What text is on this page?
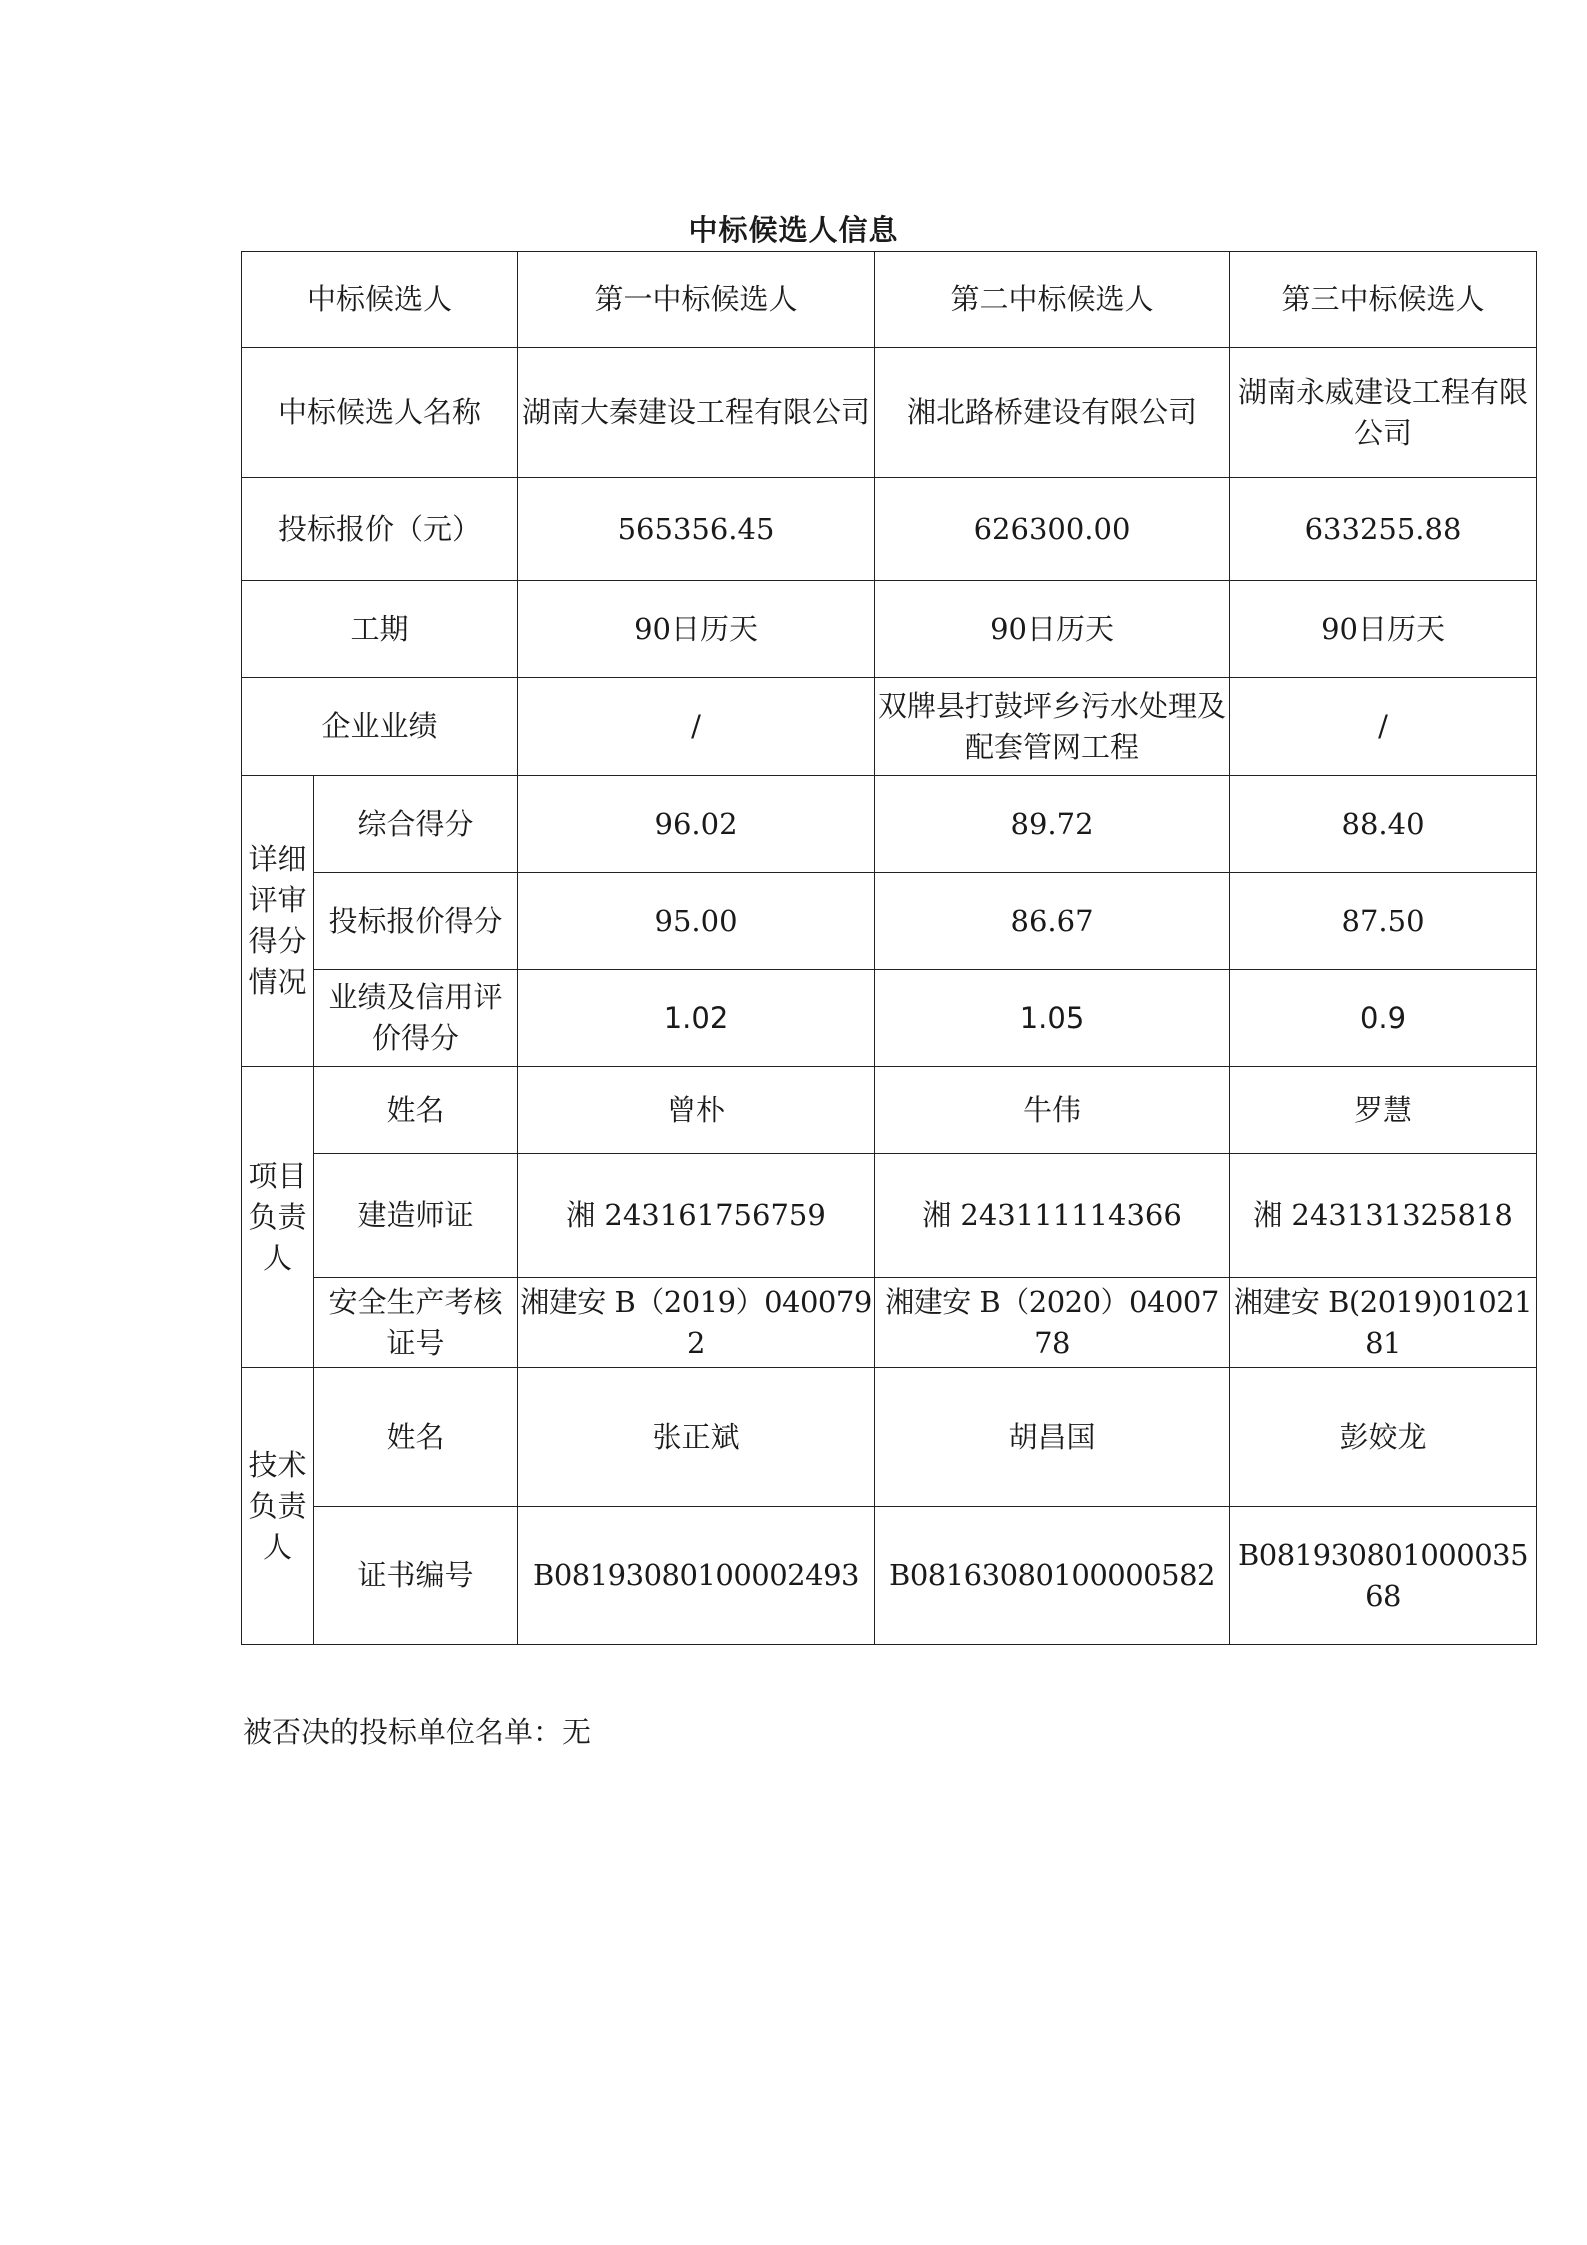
中标候选人信息
中标候选人		第一中标候选人	第二中标候选人	第三中标候选人
中标候选人名称		湖南大秦建设工程有限公司	湘北路桥建设有限公司	湖南永威建设工程有限公司
投标报价（元）		565356.45	626300.00	633255.88
工期		90日历天	90日历天	90日历天
企业业绩		/	双牌县打鼓坪乡污水处理及配套管网工程	/
详细评审得分情况	综合得分	96.02	89.72	88.40
	投标报价得分	95.00	86.67	87.50
	业绩及信用评价得分	1.02	1.05	0.9
项目负责人	姓名	曾朴	牛伟	罗慧
	建造师证	湘 243161756759	湘 243111114366	湘 243131325818
	安全生产考核证号	湘建安 B（2019）0400792	湘建安 B（2020）0400778	湘建安 B(2019)0102181
技术负责人	姓名	张正斌	胡昌国	彭姣龙
	证书编号	B08193080100002493	B08163080100000582	B08193080100003568
被否决的投标单位名单：无
